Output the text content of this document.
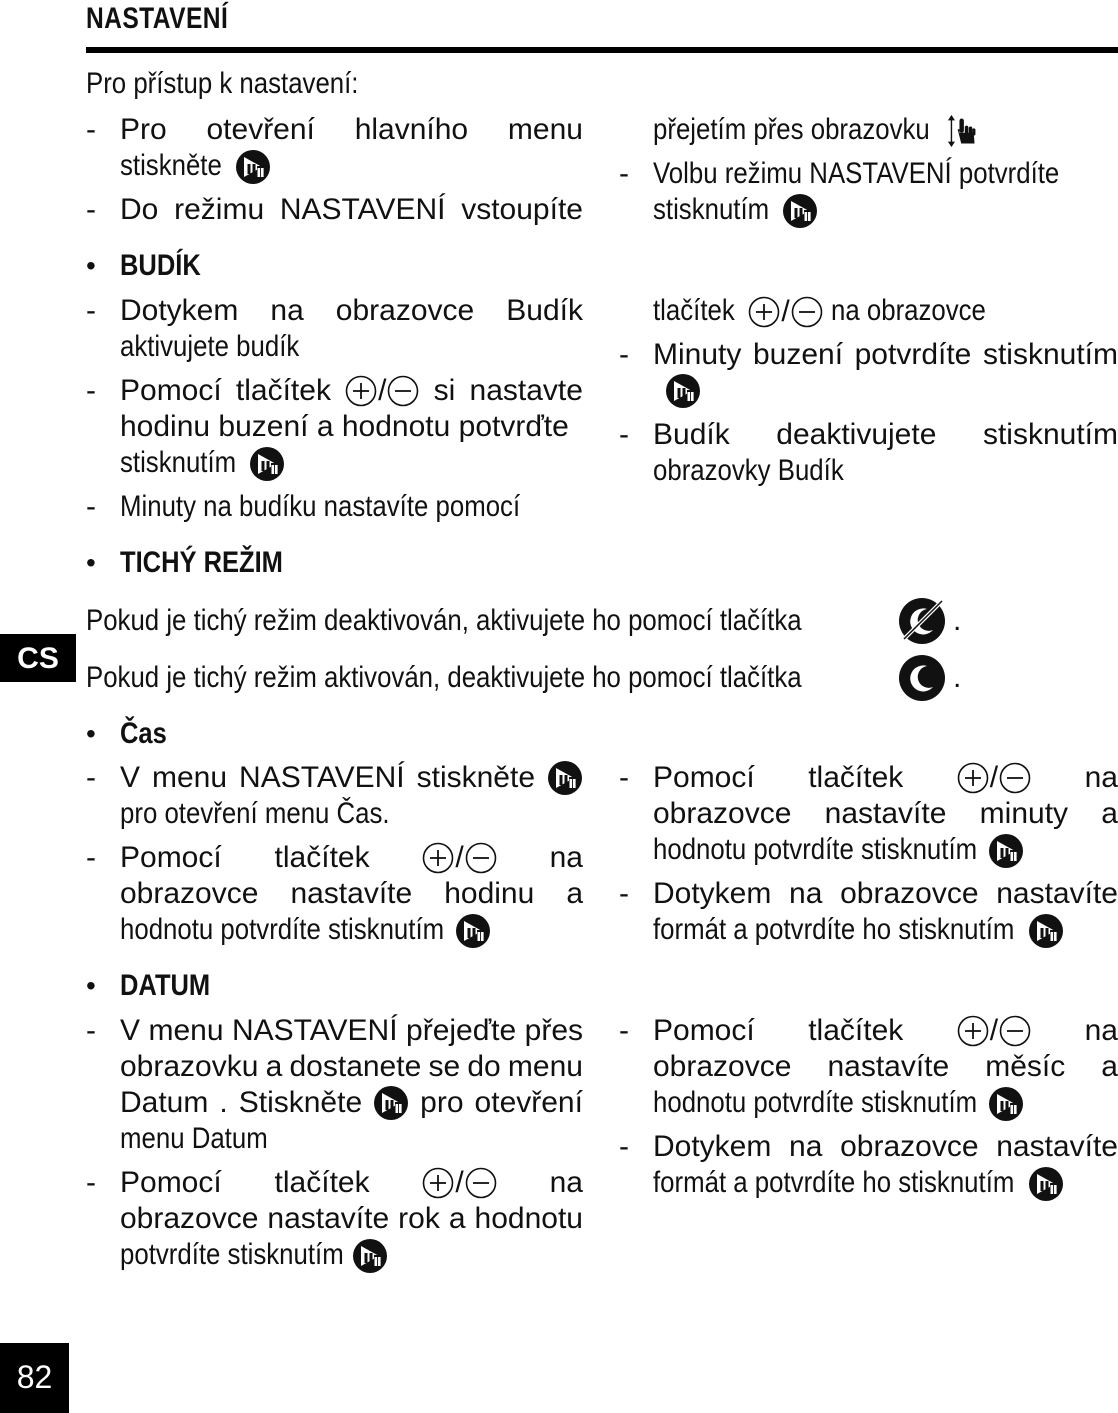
NASTAVENÍ
CS
82
Pro přístup k nastavení:
- Pro otevření hlavního menu
stiskněte
- Do režimu NASTAVENÍ vstoupíte
přejetím přes obrazovku
- Volbu režimu NASTAVENÍ potvrdíte
stisknutím
• BUDÍK
- Dotykem na obrazovce Budík
aktivujete budík
- Pomocí tlačítek / si nastavte
hodinu buzení a hodnotu potvrďte
stisknutím
- Minuty na budíku nastavíte pomocí
tlačítek / na obrazovce
- Minuty buzení potvrdíte stisknutím
- Budík deaktivujete stisknutím
obrazovky Budík
• TICHÝ REŽIM
Pokud je tichý režim deaktivován, aktivujete ho pomocí tlačítka	.
Pokud je tichý režim aktivován, deaktivujete ho pomocí tlačítka	.
• Čas
- V menu NASTAVENÍ stiskněte
pro otevření menu Čas.
- Pomocí tlačítek	/	na
obrazovce nastavíte hodinu a
hodnotu potvrdíte stisknutím
- Pomocí tlačítek	/	na
obrazovce nastavíte minuty a
hodnotu potvrdíte stisknutím
- Dotykem na obrazovce nastavíte
formát a potvrdíte ho stisknutím
• DATUM
- V menu NASTAVENÍ přejeďte přes
obrazovku a dostanete se do menu
Datum . Stiskněte pro otevření
menu Datum
- Pomocí tlačítek	/	na
obrazovce nastavíte rok a hodnotu
potvrdíte stisknutím
- Pomocí tlačítek	/	na
obrazovce nastavíte měsíc a
hodnotu potvrdíte stisknutím
- Dotykem na obrazovce nastavíte
formát a potvrdíte ho stisknutím
